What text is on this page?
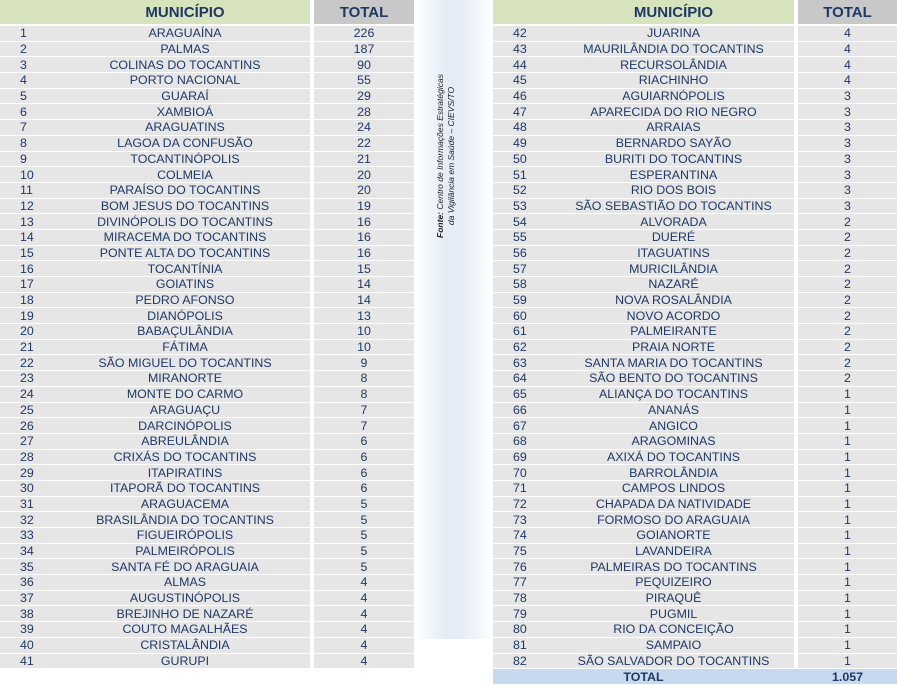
Fonte: Centro de Informações Estratégicas da Vigilância em Saúde – CIEVS/TO
	MUNICÍPIO		TOTAL
1	ARAGUAÍNA		226
2	PALMAS		187
3	COLINAS DO TOCANTINS		90
4	PORTO NACIONAL		55
5	GUARAÍ		29
6	XAMBIOÁ		28
7	ARAGUATINS		24
8	LAGOA DA CONFUSÃO		22
9	TOCANTINÓPOLIS		21
10	COLMEIA		20
11	PARAÍSO DO TOCANTINS		20
12	BOM JESUS DO TOCANTINS		19
13	DIVINÓPOLIS DO TOCANTINS		16
14	MIRACEMA DO TOCANTINS		16
15	PONTE ALTA DO TOCANTINS		16
16	TOCANTÍNIA		15
17	GOIATINS		14
18	PEDRO AFONSO		14
19	DIANÓPOLIS		13
20	BABAÇULÂNDIA		10
21	FÁTIMA		10
22	SÃO MIGUEL DO TOCANTINS		9
23	MIRANORTE		8
24	MONTE DO CARMO		8
25	ARAGUAÇU		7
26	DARCINÓPOLIS		7
27	ABREULÂNDIA		6
28	CRIXÁS DO TOCANTINS		6
29	ITAPIRATINS		6
30	ITAPORÃ DO TOCANTINS		6
31	ARAGUACEMA		5
32	BRASILÂNDIA DO TOCANTINS		5
33	FIGUEIRÓPOLIS		5
34	PALMEIRÓPOLIS		5
35	SANTA FÉ DO ARAGUAIA		5
36	ALMAS		4
37	AUGUSTINÓPOLIS		4
38	BREJINHO DE NAZARÉ		4
39	COUTO MAGALHÃES		4
40	CRISTALÂNDIA		4
41	GURUPI		4
	MUNICÍPIO		TOTAL
42	JUARINA		4
43	MAURILÂNDIA DO TOCANTINS		4
44	RECURSOLÂNDIA		4
45	RIACHINHO		4
46	AGUIARNÓPOLIS		3
47	APARECIDA DO RIO NEGRO		3
48	ARRAIAS		3
49	BERNARDO SAYÃO		3
50	BURITI DO TOCANTINS		3
51	ESPERANTINA		3
52	RIO DOS BOIS		3
53	SÃO SEBASTIÃO DO TOCANTINS		3
54	ALVORADA		2
55	DUERÉ		2
56	ITAGUATINS		2
57	MURICILÂNDIA		2
58	NAZARÉ		2
59	NOVA ROSALÂNDIA		2
60	NOVO ACORDO		2
61	PALMEIRANTE		2
62	PRAIA NORTE		2
63	SANTA MARIA DO TOCANTINS		2
64	SÃO BENTO DO TOCANTINS		2
65	ALIANÇA DO TOCANTINS		1
66	ANANÁS		1
67	ANGICO		1
68	ARAGOMINAS		1
69	AXIXÁ DO TOCANTINS		1
70	BARROLÂNDIA		1
71	CAMPOS LINDOS		1
72	CHAPADA DA NATIVIDADE		1
73	FORMOSO DO ARAGUAIA		1
74	GOIANORTE		1
75	LAVANDEIRA		1
76	PALMEIRAS DO TOCANTINS		1
77	PEQUIZEIRO		1
78	PIRAQUÊ		1
79	PUGMIL		1
80	RIO DA CONCEIÇÃO		1
81	SAMPAIO		1
82	SÃO SALVADOR DO TOCANTINS		1
TOTAL			1.057
